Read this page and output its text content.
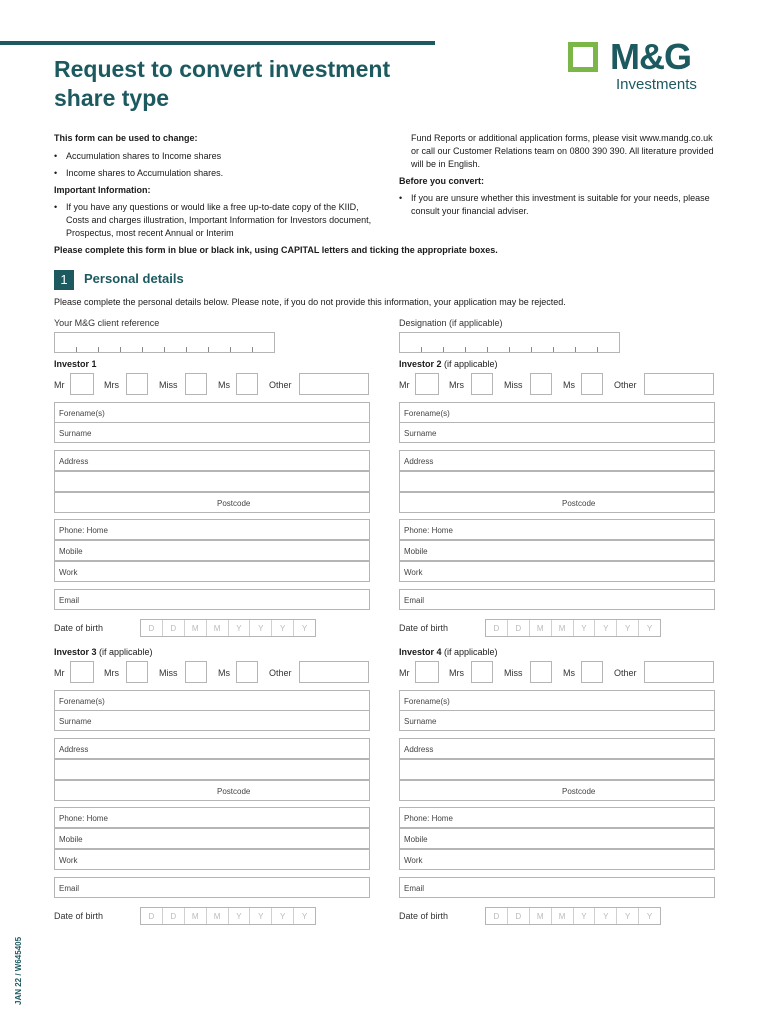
Request to convert investment
share type
M&G
Investments
This form can be used to change:
• Accumulation shares to Income shares
• Income shares to Accumulation shares.
Important Information:
• If you have any questions or would like a free up-to-date copy of the KIID, Costs and charges illustration, Important Information for Investors document, Prospectus, most recent Annual or Interim
Fund Reports or additional application forms, please visit www.mandg.co.uk or call our Customer Relations team on 0800 390 390. All literature provided will be in English.
Before you convert:
• If you are unsure whether this investment is suitable for your needs, please consult your financial adviser.
Please complete this form in blue or black ink, using CAPITAL letters and ticking the appropriate boxes.
1	Personal details
Please complete the personal details below. Please note, if you do not provide this information, your application may be rejected.
Your M&G client reference	Designation (if applicable)
Investor 1
Mr	Mrs	Miss	Ms	Other
Forename(s)
Surname
Address
Postcode
Phone: Home
Mobile
Work
Email
Date of birth	D	D	M	M	Y	Y	Y	Y
Investor 2 (if applicable)
Mr	Mrs	Miss	Ms	Other
Forename(s)
Surname
Address
Postcode
Phone: Home
Mobile
Work
Email
Date of birth	D	D	M	M	Y	Y	Y	Y
Investor 3 (if applicable)
Mr	Mrs	Miss	Ms	Other
Forename(s)
Surname
Address
Postcode
Phone: Home
Mobile
Work
Email
Date of birth	D	D	M	M	Y	Y	Y	Y
Investor 4 (if applicable)
Mr	Mrs	Miss	Ms	Other
Forename(s)
Surname
Address
Postcode
Phone: Home
Mobile
Work
Email
Date of birth	D	D	M	M	Y	Y	Y	Y
JAN 22 / W645405
